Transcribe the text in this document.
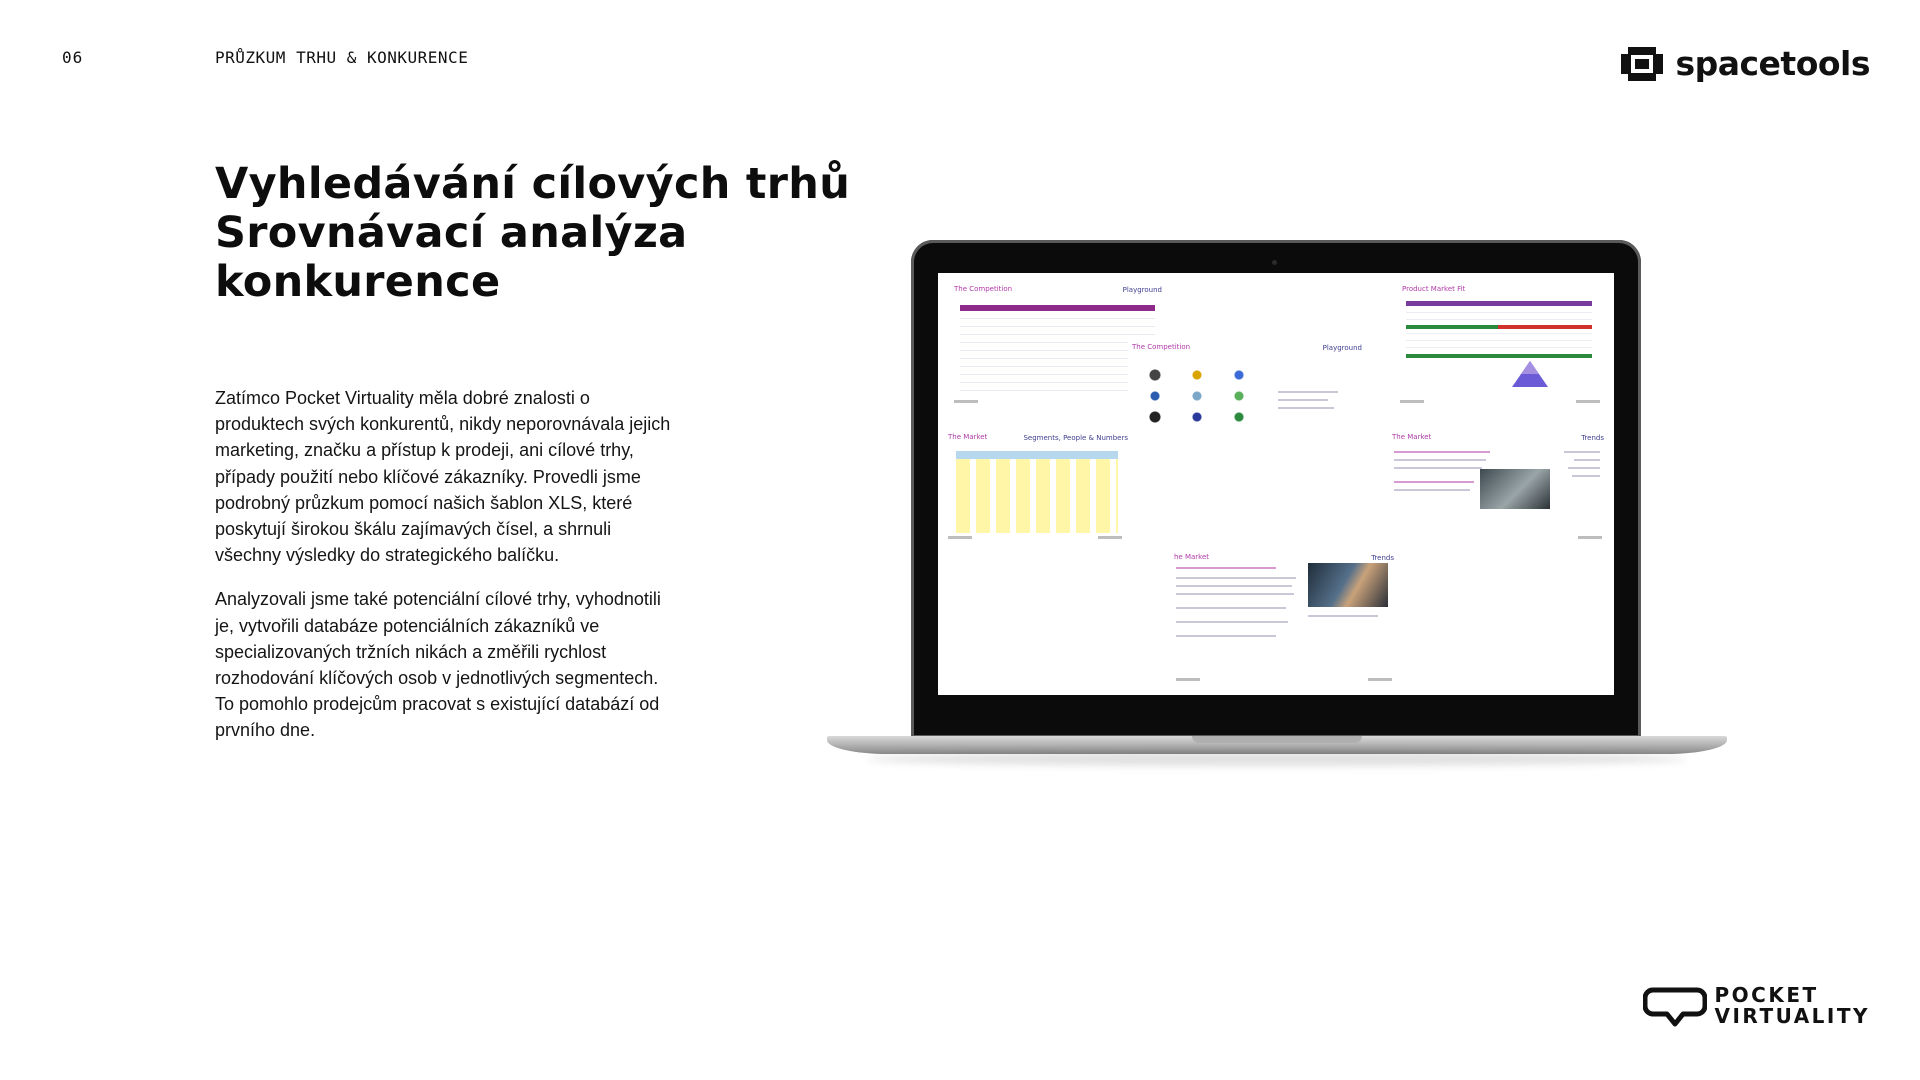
06	PRŮZKUM TRHU & KONKURENCE	spacetools
Vyhledávání cílových trhů
Srovnávací analýza
konkurence

Zatímco Pocket Virtuality měla dobré znalosti o produktech svých konkurentů, nikdy neporovnávala jejich marketing, značku a přístup k prodeji, ani cílové trhy, případy použití nebo klíčové zákazníky. Provedli jsme podrobný průzkum pomocí našich šablon XLS, které poskytují širokou škálu zajímavých čísel, a shrnuli všechny výsledky do strategického balíčku.

Analyzovali jsme také potenciální cílové trhy, vyhodnotili je, vytvořili databáze potenciálních zákazníků ve specializovaných tržních nikách a změřili rychlost rozhodování klíčových osob v jednotlivých segmentech. To pomohlo prodejcům pracovat s existující databází od prvního dne.

The Competition	Playground	Product Market Fit
The Competition	Playground
The Market	Segments, People & Numbers	The Market	Trends
he Market	Trends
POCKET
VIRTUALITY
